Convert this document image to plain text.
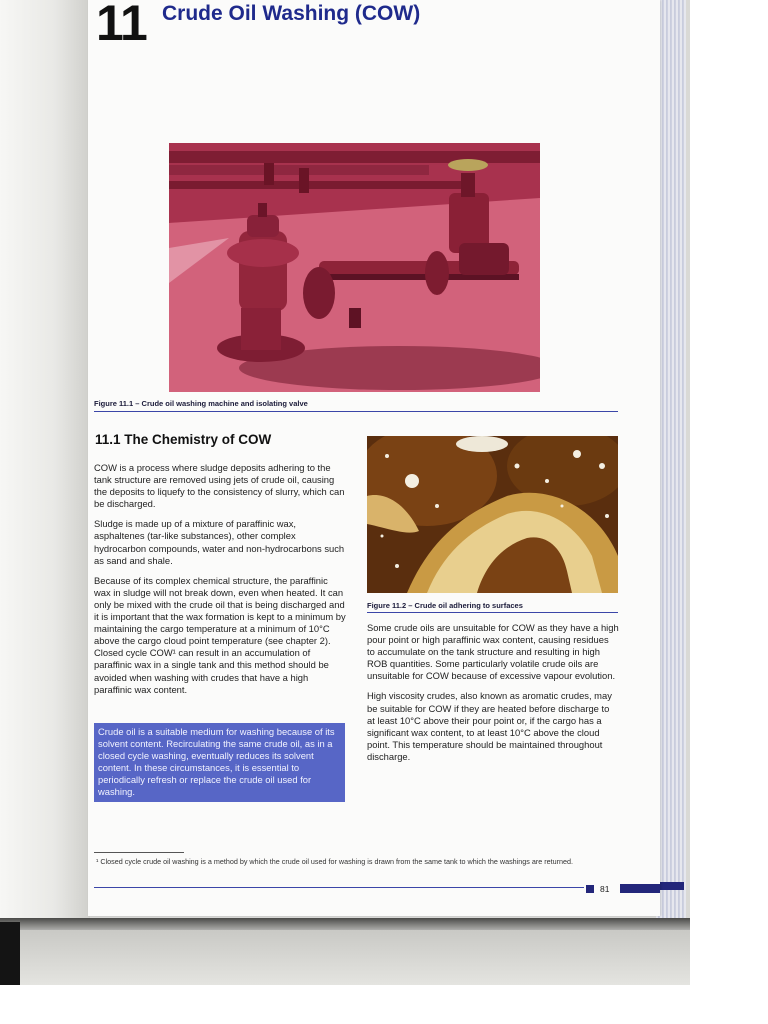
11 Crude Oil Washing (COW)
Figure 11.1 – Crude oil washing machine and isolating valve
11.1 The Chemistry of COW

COW is a process where sludge deposits adhering to the tank structure are removed using jets of crude oil, causing the deposits to liquefy to the consistency of slurry, which can be discharged.

Sludge is made up of a mixture of paraffinic wax, asphaltenes (tar-like substances), other complex hydrocarbon compounds, water and non-hydrocarbons such as sand and shale.

Because of its complex chemical structure, the paraffinic wax in sludge will not break down, even when heated. It can only be mixed with the crude oil that is being discharged and it is important that the wax formation is kept to a minimum by maintaining the cargo temperature at a minimum of 10°C above the cargo cloud point temperature (see chapter 2). Closed cycle COW¹ can result in an accumulation of paraffinic wax in a single tank and this method should be avoided when washing with crudes that have a high paraffinic wax content.

Crude oil is a suitable medium for washing because of its solvent content. Recirculating the same crude oil, as in a closed cycle washing, eventually reduces its solvent content. In these circumstances, it is essential to periodically refresh or replace the crude oil used for washing.
Figure 11.2 – Crude oil adhering to surfaces

Some crude oils are unsuitable for COW as they have a high pour point or high paraffinic wax content, causing residues to accumulate on the tank structure and resulting in high ROB quantities. Some particularly volatile crude oils are unsuitable for COW because of excessive vapour evolution.

High viscosity crudes, also known as aromatic crudes, may be suitable for COW if they are heated before discharge to at least 10°C above their pour point or, if the cargo has a significant wax content, to at least 10°C above the cloud point. This temperature should be maintained throughout discharge.

¹ Closed cycle crude oil washing is a method by which the crude oil used for washing is drawn from the same tank to which the washings are returned.
81
